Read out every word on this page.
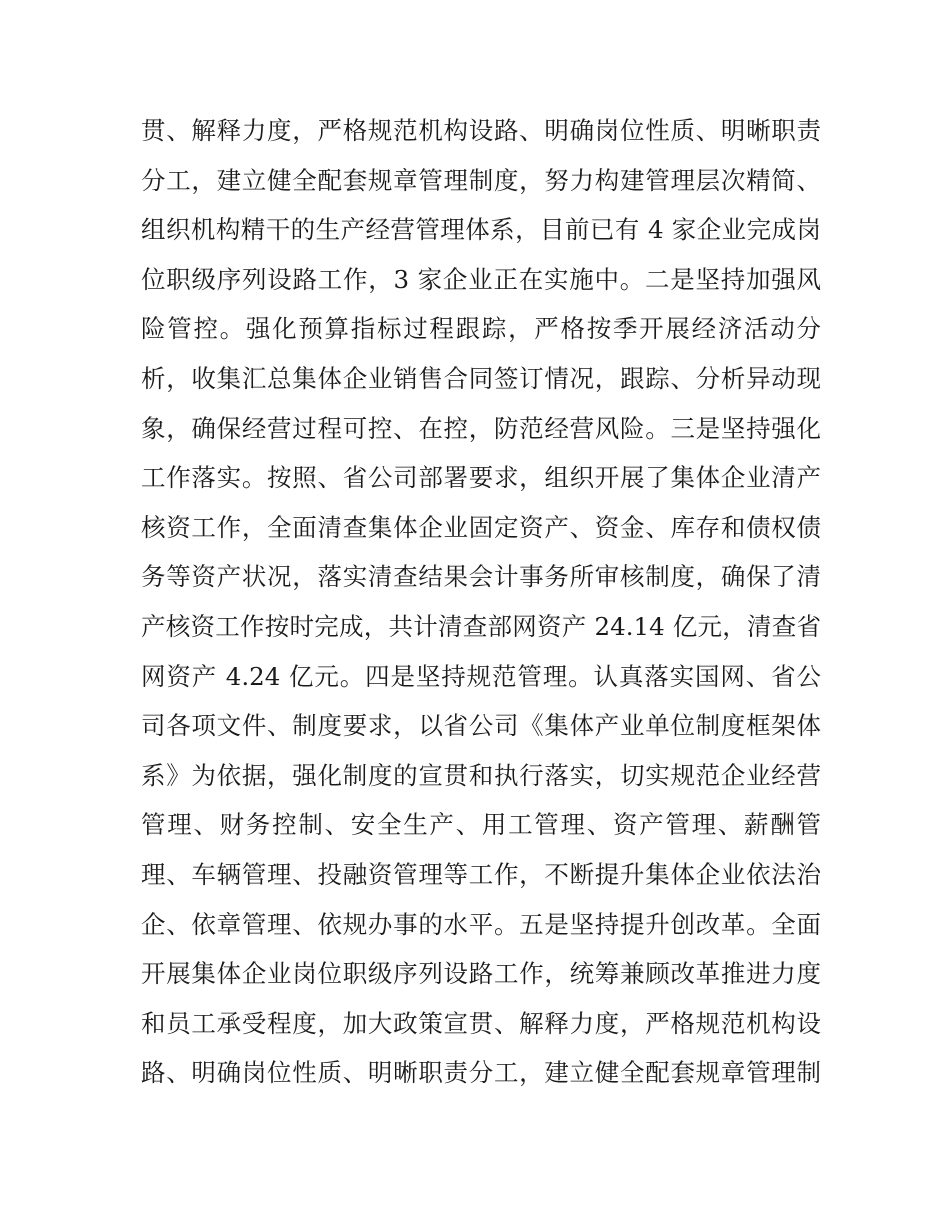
贯、解释力度，严格规范机构设路、明确岗位性质、明晰职责
分工，建立健全配套规章管理制度，努力构建管理层次精简、
组织机构精干的生产经营管理体系，目前已有 4 家企业完成岗
位职级序列设路工作，3 家企业正在实施中。二是坚持加强风
险管控。强化预算指标过程跟踪，严格按季开展经济活动分
析，收集汇总集体企业销售合同签订情况，跟踪、分析异动现
象，确保经营过程可控、在控，防范经营风险。三是坚持强化
工作落实。按照、省公司部署要求，组织开展了集体企业清产
核资工作，全面清查集体企业固定资产、资金、库存和债权债
务等资产状况，落实清查结果会计事务所审核制度，确保了清
产核资工作按时完成，共计清查部网资产 24.14 亿元，清查省
网资产 4.24 亿元。四是坚持规范管理。认真落实国网、省公
司各项文件、制度要求，以省公司《集体产业单位制度框架体
系》为依据，强化制度的宣贯和执行落实，切实规范企业经营
管理、财务控制、安全生产、用工管理、资产管理、薪酬管
理、车辆管理、投融资管理等工作，不断提升集体企业依法治
企、依章管理、依规办事的水平。五是坚持提升创改革。全面
开展集体企业岗位职级序列设路工作，统筹兼顾改革推进力度
和员工承受程度，加大政策宣贯、解释力度，严格规范机构设
路、明确岗位性质、明晰职责分工，建立健全配套规章管理制
